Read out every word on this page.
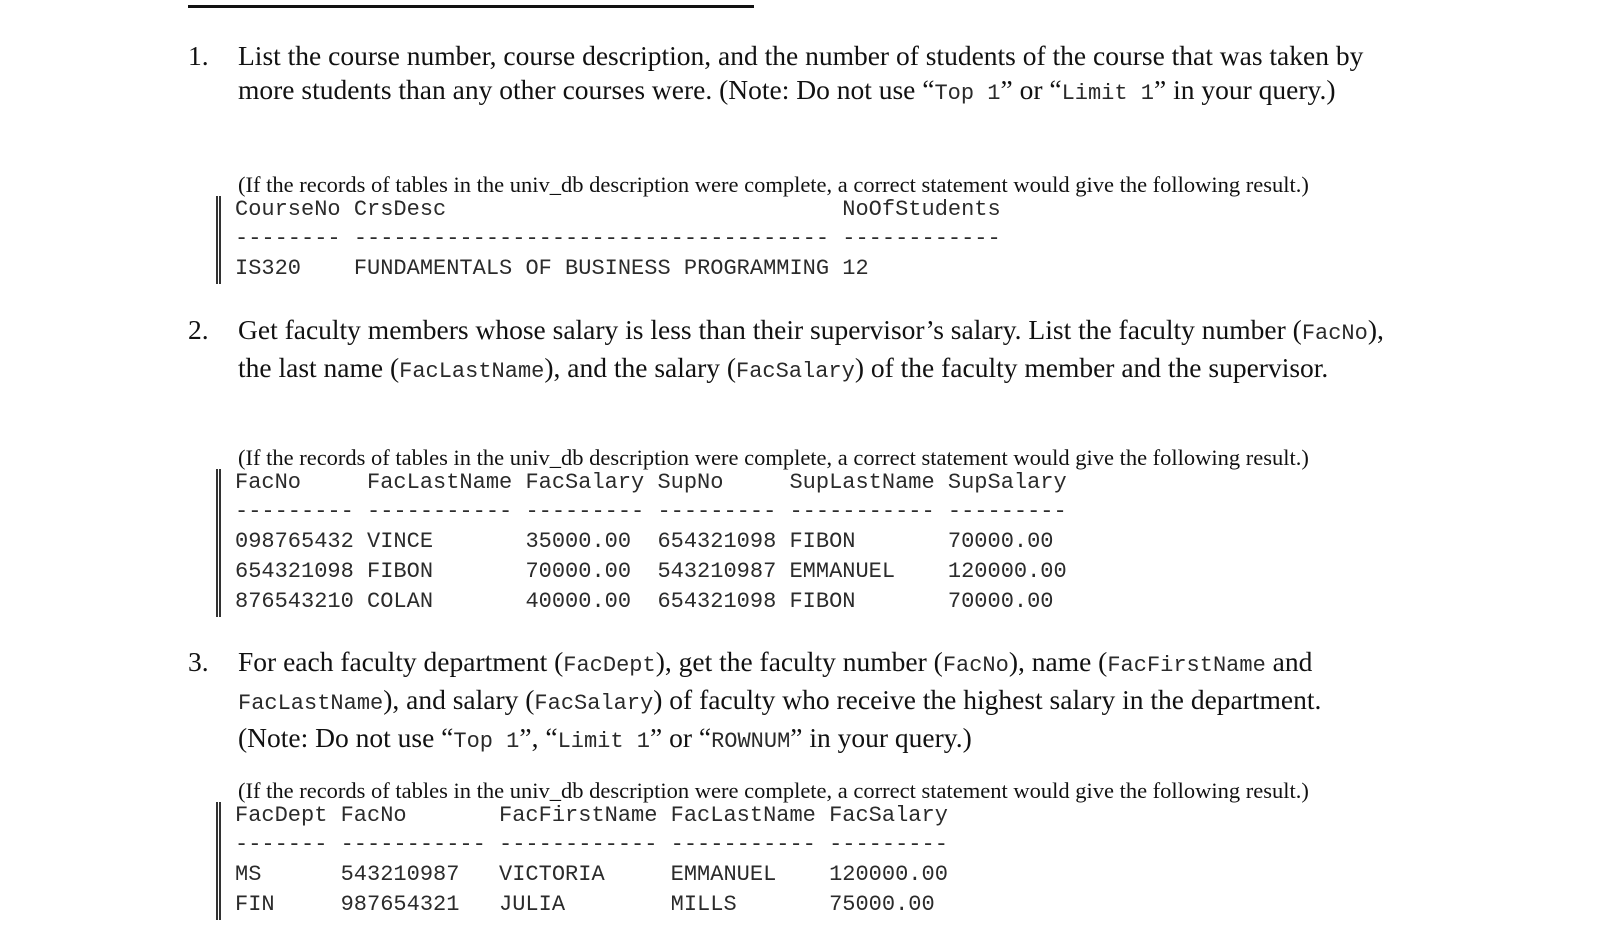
1.	List the course number, course description, and the number of students of the course that was taken by more students than any other courses were. (Note: Do not use “Top 1” or “Limit 1” in your query.)
(If the records of tables in the univ_db description were complete, a correct statement would give the following result.)
CourseNo CrsDesc	NoOfStudents
-------- ------------------------------------ ------------
IS320 FUNDAMENTALS OF BUSINESS PROGRAMMING 12
2.	Get faculty members whose salary is less than their supervisor’s salary. List the faculty number (FacNo), the last name (FacLastName), and the salary (FacSalary) of the faculty member and the supervisor.
(If the records of tables in the univ_db description were complete, a correct statement would give the following result.)
FacNo	FacLastName FacSalary SupNo	SupLastName SupSalary
--------- ----------- --------- --------- ----------- ---------
098765432 VINCE	35000.00 654321098 FIBON	70000.00
654321098 FIBON	70000.00 543210987 EMMANUEL 120000.00
876543210 COLAN	40000.00 654321098 FIBON	70000.00
3.	For each faculty department (FacDept), get the faculty number (FacNo), name (FacFirstName and FacLastName), and salary (FacSalary) of faculty who receive the highest salary in the department. (Note: Do not use “Top 1”, “Limit 1” or “ROWNUM” in your query.)
(If the records of tables in the univ_db description were complete, a correct statement would give the following result.)
FacDept FacNo	FacFirstName FacLastName FacSalary
------- ----------- ------------ ----------- ---------
MS	543210987 VICTORIA	EMMANUEL 120000.00
FIN	987654321 JULIA	MILLS	75000.00
